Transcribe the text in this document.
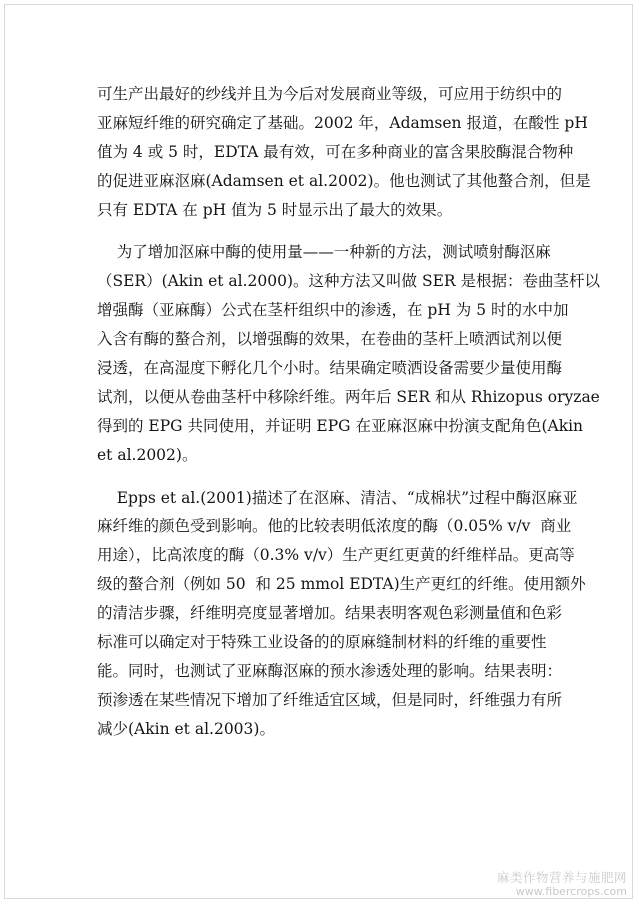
可生产出最好的纱线并且为今后对发展商业等级，可应用于纺织中的
亚麻短纤维的研究确定了基础。2002 年，Adamsen 报道，在酸性 pH
值为 4 或 5 时，EDTA 最有效，可在多种商业的富含果胶酶混合物种
的促进亚麻沤麻(Adamsen et al.2002)。他也测试了其他螯合剂，但是
只有 EDTA 在 pH 值为 5 时显示出了最大的效果。
为了增加沤麻中酶的使用量——一种新的方法，测试喷射酶沤麻
（SER）(Akin et al.2000)。这种方法又叫做 SER 是根据：卷曲茎杆以
增强酶（亚麻酶）公式在茎杆组织中的渗透，在 pH 为 5 时的水中加
入含有酶的螯合剂，以增强酶的效果，在卷曲的茎杆上喷洒试剂以便
浸透，在高湿度下孵化几个小时。结果确定喷洒设备需要少量使用酶
试剂，以便从卷曲茎杆中移除纤维。两年后 SER 和从 Rhizopus oryzae
得到的 EPG 共同使用，并证明 EPG 在亚麻沤麻中扮演支配角色(Akin
et al.2002)。
Epps et al.(2001)描述了在沤麻、清洁、“成棉状”过程中酶沤麻亚
麻纤维的颜色受到影响。他的比较表明低浓度的酶（0.05% v/v  商业
用途），比高浓度的酶（0.3% v/v）生产更红更黄的纤维样品。更高等
级的螯合剂（例如 50  和 25 mmol EDTA)生产更红的纤维。使用额外
的清洁步骤，纤维明亮度显著增加。结果表明客观色彩测量值和色彩
标准可以确定对于特殊工业设备的的原麻缝制材料的纤维的重要性
能。同时，也测试了亚麻酶沤麻的预水渗透处理的影响。结果表明：
预渗透在某些情况下增加了纤维适宜区域，但是同时，纤维强力有所
减少(Akin et al.2003)。
麻类作物营养与施肥网
www.fibercrops.com
